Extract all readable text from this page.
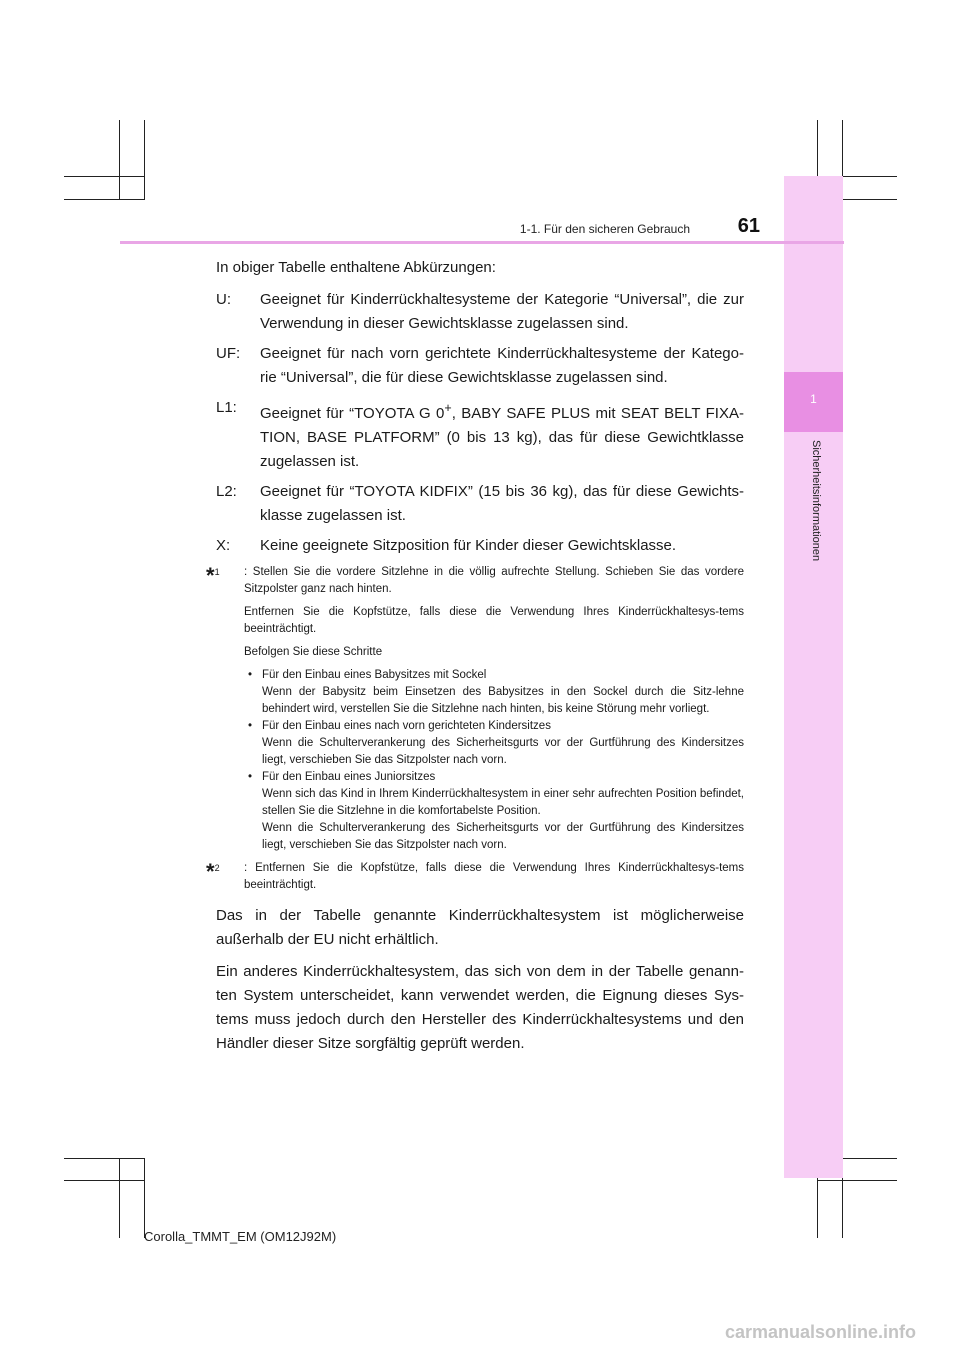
1
Sicherheitsinformationen
1-1. Für den sicheren Gebrauch	61

In obiger Tabelle enthaltene Abkürzungen:

U:	Geeignet für Kinderrückhaltesysteme der Kategorie “Universal”, die zur Verwendung in dieser Gewichtsklasse zugelassen sind.
UF:	Geeignet für nach vorn gerichtete Kinderrückhaltesysteme der Katego-rie “Universal”, die für diese Gewichtsklasse zugelassen sind.
L1:	Geeignet für “TOYOTA G 0+, BABY SAFE PLUS mit SEAT BELT FIXA-TION, BASE PLATFORM” (0 bis 13 kg), das für diese Gewichtklasse zugelassen ist.
L2:	Geeignet für “TOYOTA KIDFIX” (15 bis 36 kg), das für diese Gewichts-klasse zugelassen ist.
X:	Keine geeignete Sitzposition für Kinder dieser Gewichtsklasse.
*$^1$	: Stellen Sie die vordere Sitzlehne in die völlig aufrechte Stellung. Schieben Sie das vordere Sitzpolster ganz nach hinten.

Entfernen Sie die Kopfstütze, falls diese die Verwendung Ihres Kinderrückhaltesys-tems beeinträchtigt.

Befolgen Sie diese Schritte

• Für den Einbau eines Babysitzes mit Sockel
Wenn der Babysitz beim Einsetzen des Babysitzes in den Sockel durch die Sitz-lehne behindert wird, verstellen Sie die Sitzlehne nach hinten, bis keine Störung mehr vorliegt.
• Für den Einbau eines nach vorn gerichteten Kindersitzes
Wenn die Schulterverankerung des Sicherheitsgurts vor der Gurtführung des Kindersitzes liegt, verschieben Sie das Sitzpolster nach vorn.
• Für den Einbau eines Juniorsitzes
Wenn sich das Kind in Ihrem Kinderrückhaltesystem in einer sehr aufrechten Position befindet, stellen Sie die Sitzlehne in die komfortabelste Position.
Wenn die Schulterverankerung des Sicherheitsgurts vor der Gurtführung des Kindersitzes liegt, verschieben Sie das Sitzpolster nach vorn.
*$^2$	: Entfernen Sie die Kopfstütze, falls diese die Verwendung Ihres Kinderrückhaltesys-tems beeinträchtigt.

Das in der Tabelle genannte Kinderrückhaltesystem ist möglicherweise außerhalb der EU nicht erhältlich.

Ein anderes Kinderrückhaltesystem, das sich von dem in der Tabelle genann-ten System unterscheidet, kann verwendet werden, die Eignung dieses Sys-tems muss jedoch durch den Hersteller des Kinderrückhaltesystems und den Händler dieser Sitze sorgfältig geprüft werden.

Corolla_TMMT_EM (OM12J92M)
carmanualsonline.info
